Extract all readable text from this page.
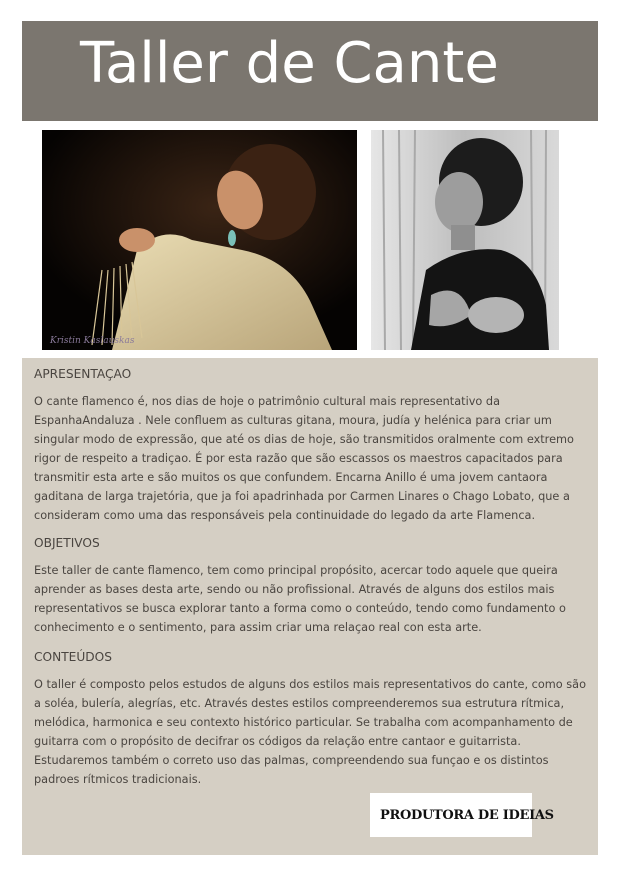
Taller de Cante
Kristin Kaslauskas
APRESENTAÇAO

O cante flamenco é, nos dias de hoje o patrimônio cultural mais representativo da EspanhaAndaluza . Nele confluem as culturas gitana, moura, judía y helénica para criar um singular modo de expressão, que até os dias de hoje, são transmitidos oralmente com extremo rigor de respeito a tradiçao. É por esta razão que são escassos os maestros capacitados para transmitir esta arte e são muitos os que confundem. Encarna Anillo é uma jovem cantaora gaditana de larga trajetória, que ja foi apadrinhada por Carmen Linares o Chago Lobato, que a consideram como uma das responsáveis pela continuidade do legado da arte Flamenca.

OBJETIVOS

Este taller de cante flamenco, tem como principal propósito, acercar todo aquele que queira aprender as bases desta arte, sendo ou não profissional. Através de alguns dos estilos mais representativos se busca explorar tanto a forma como o conteúdo, tendo como fundamento o conhecimento e o sentimento, para assim criar uma relaçao real con esta arte.

CONTEÚDOS

O taller é composto pelos estudos de alguns dos estilos mais representativos do cante, como são a soléa, bulería, alegrías, etc. Através destes estilos compreenderemos sua estrutura rítmica, melódica, harmonica e seu contexto histórico particular. Se trabalha com acompanhamento de guitarra com o propósito de decifrar os códigos da relação entre cantaor e guitarrista. Estudaremos também o correto uso das palmas, compreendendo sua funçao e os distintos padroes rítmicos tradicionais.

PRODUTORA DE IDEIAS
